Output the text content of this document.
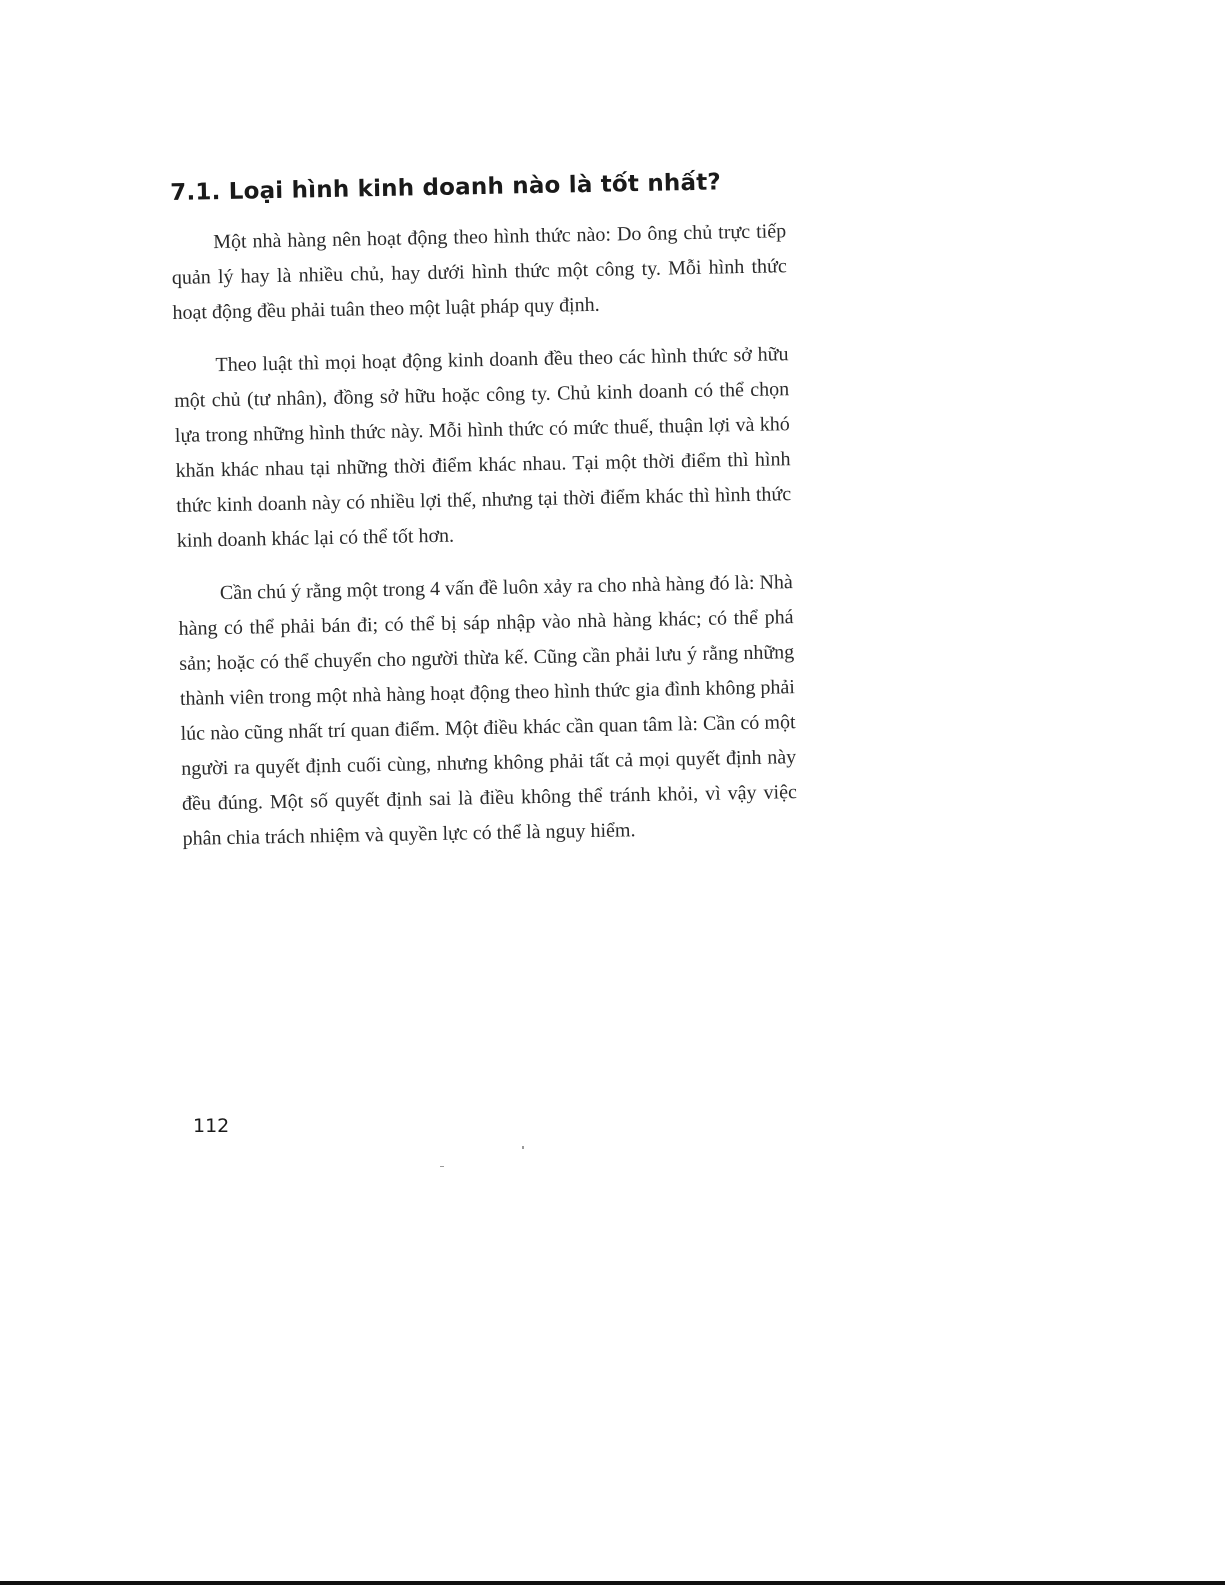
7.1. Loại hình kinh doanh nào là tốt nhất?

Một nhà hàng nên hoạt động theo hình thức nào: Do ông chủ trực tiếp quản lý hay là nhiều chủ, hay dưới hình thức một công ty. Mỗi hình thức hoạt động đều phải tuân theo một luật pháp quy định.

Theo luật thì mọi hoạt động kinh doanh đều theo các hình thức sở hữu một chủ (tư nhân), đồng sở hữu hoặc công ty. Chủ kinh doanh có thể chọn lựa trong những hình thức này. Mỗi hình thức có mức thuế, thuận lợi và khó khăn khác nhau tại những thời điểm khác nhau. Tại một thời điểm thì hình thức kinh doanh này có nhiều lợi thế, nhưng tại thời điểm khác thì hình thức kinh doanh khác lại có thể tốt hơn.

Cần chú ý rằng một trong 4 vấn đề luôn xảy ra cho nhà hàng đó là: Nhà hàng có thể phải bán đi; có thể bị sáp nhập vào nhà hàng khác; có thể phá sản; hoặc có thể chuyển cho người thừa kế. Cũng cần phải lưu ý rằng những thành viên trong một nhà hàng hoạt động theo hình thức gia đình không phải lúc nào cũng nhất trí quan điểm. Một điều khác cần quan tâm là: Cần có một người ra quyết định cuối cùng, nhưng không phải tất cả mọi quyết định này đều đúng. Một số quyết định sai là điều không thể tránh khỏi, vì vậy việc phân chia trách nhiệm và quyền lực có thể là nguy hiểm.

112
